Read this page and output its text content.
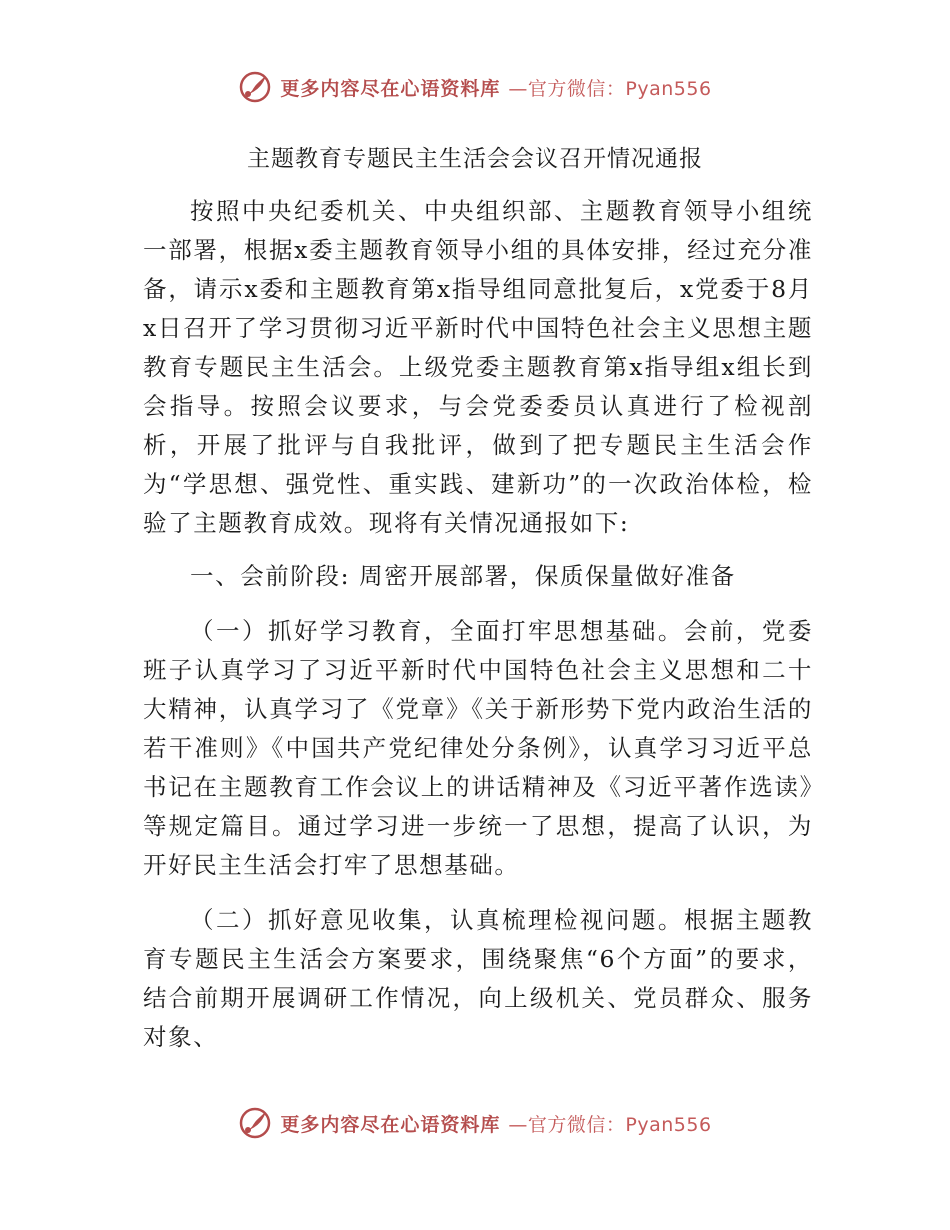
更多内容尽在心语资料库 —官方微信：Pyan556
主题教育专题民主生活会会议召开情况通报

按照中央纪委机关、中央组织部、主题教育领导小组统一部署，根据x委主题教育领导小组的具体安排，经过充分准备，请示x委和主题教育第x指导组同意批复后，x党委于8月x日召开了学习贯彻习近平新时代中国特色社会主义思想主题教育专题民主生活会。上级党委主题教育第x指导组x组长到会指导。按照会议要求，与会党委委员认真进行了检视剖析，开展了批评与自我批评，做到了把专题民主生活会作为“学思想、强党性、重实践、建新功”的一次政治体检，检验了主题教育成效。现将有关情况通报如下:

一、会前阶段: 周密开展部署，保质保量做好准备

（一）抓好学习教育，全面打牢思想基础。会前，党委班子认真学习了习近平新时代中国特色社会主义思想和二十大精神，认真学习了《党章》《关于新形势下党内政治生活的若干准则》《中国共产党纪律处分条例》，认真学习习近平总书记在主题教育工作会议上的讲话精神及《习近平著作选读》等规定篇目。通过学习进一步统一了思想，提高了认识，为开好民主生活会打牢了思想基础。

（二）抓好意见收集，认真梳理检视问题。根据主题教育专题民主生活会方案要求，围绕聚焦“6个方面”的要求，结合前期开展调研工作情况，向上级机关、党员群众、服务对象、

更多内容尽在心语资料库 —官方微信：Pyan556
